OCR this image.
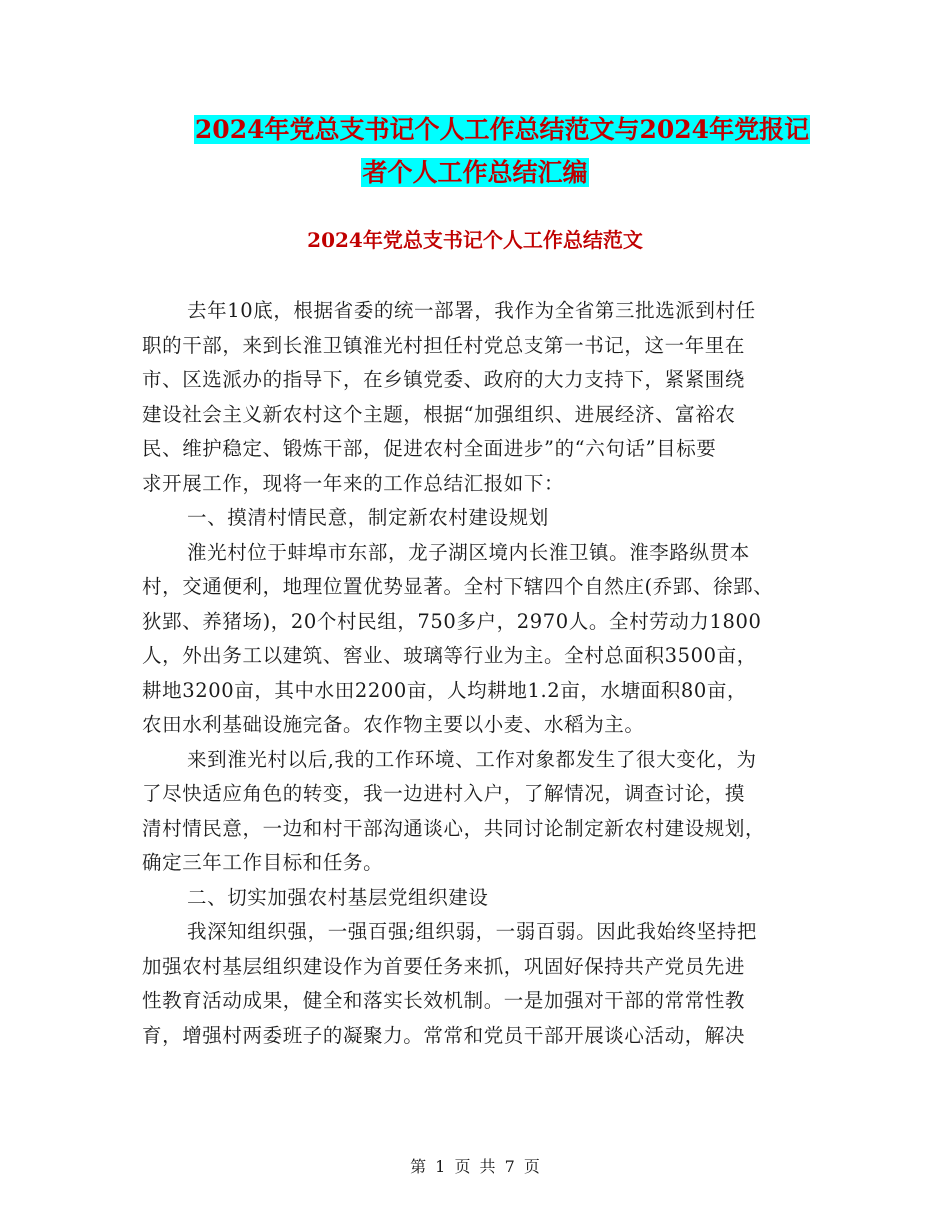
2024年党总支书记个人工作总结范文与2024年党报记
者个人工作总结汇编
2024年党总支书记个人工作总结范文
去年10底，根据省委的统一部署，我作为全省第三批选派到村任
职的干部，来到长淮卫镇淮光村担任村党总支第一书记，这一年里在
市、区选派办的指导下，在乡镇党委、政府的大力支持下，紧紧围绕
建设社会主义新农村这个主题，根据“加强组织、进展经济、富裕农
民、维护稳定、锻炼干部，促进农村全面进步”的“六句话”目标要
求开展工作，现将一年来的工作总结汇报如下：
一、摸清村情民意，制定新农村建设规划
淮光村位于蚌埠市东部，龙子湖区境内长淮卫镇。淮李路纵贯本
村，交通便利，地理位置优势显著。全村下辖四个自然庄(乔郢、徐郢、
狄郢、养猪场)，20个村民组，750多户，2970人。全村劳动力1800
人，外出务工以建筑、窖业、玻璃等行业为主。全村总面积3500亩，
耕地3200亩，其中水田2200亩，人均耕地1.2亩，水塘面积80亩，
农田水利基础设施完备。农作物主要以小麦、水稻为主。
来到淮光村以后,我的工作环境、工作对象都发生了很大变化，为
了尽快适应角色的转变，我一边进村入户，了解情况，调查讨论，摸
清村情民意，一边和村干部沟通谈心，共同讨论制定新农村建设规划，
确定三年工作目标和任务。
二、切实加强农村基层党组织建设
我深知组织强，一强百强;组织弱，一弱百弱。因此我始终坚持把
加强农村基层组织建设作为首要任务来抓，巩固好保持共产党员先进
性教育活动成果，健全和落实长效机制。一是加强对干部的常常性教
育，增强村两委班子的凝聚力。常常和党员干部开展谈心活动，解决
第 1 页 共 7 页
